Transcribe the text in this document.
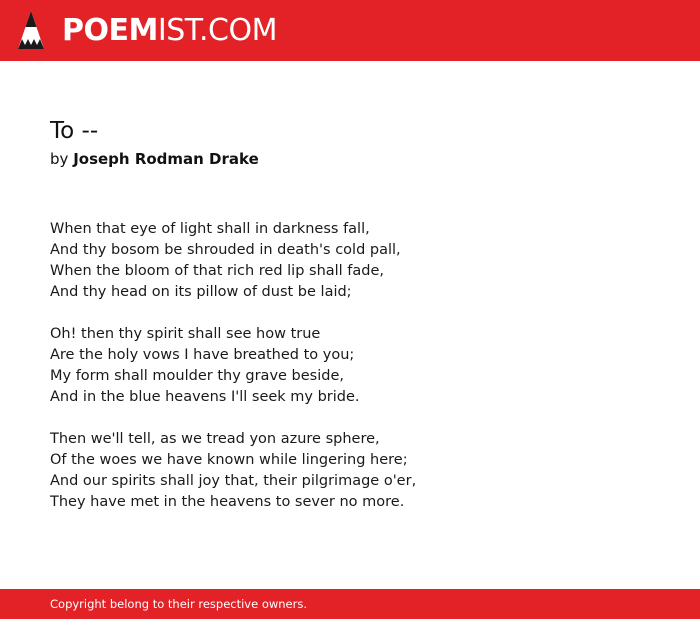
POEMIST.COM
To --
by Joseph Rodman Drake
When that eye of light shall in darkness fall,
And thy bosom be shrouded in death's cold pall,
When the bloom of that rich red lip shall fade,
And thy head on its pillow of dust be laid;
Oh! then thy spirit shall see how true
Are the holy vows I have breathed to you;
My form shall moulder thy grave beside,
And in the blue heavens I'll seek my bride.
Then we'll tell, as we tread yon azure sphere,
Of the woes we have known while lingering here;
And our spirits shall joy that, their pilgrimage o'er,
They have met in the heavens to sever no more.
Copyright belong to their respective owners.
